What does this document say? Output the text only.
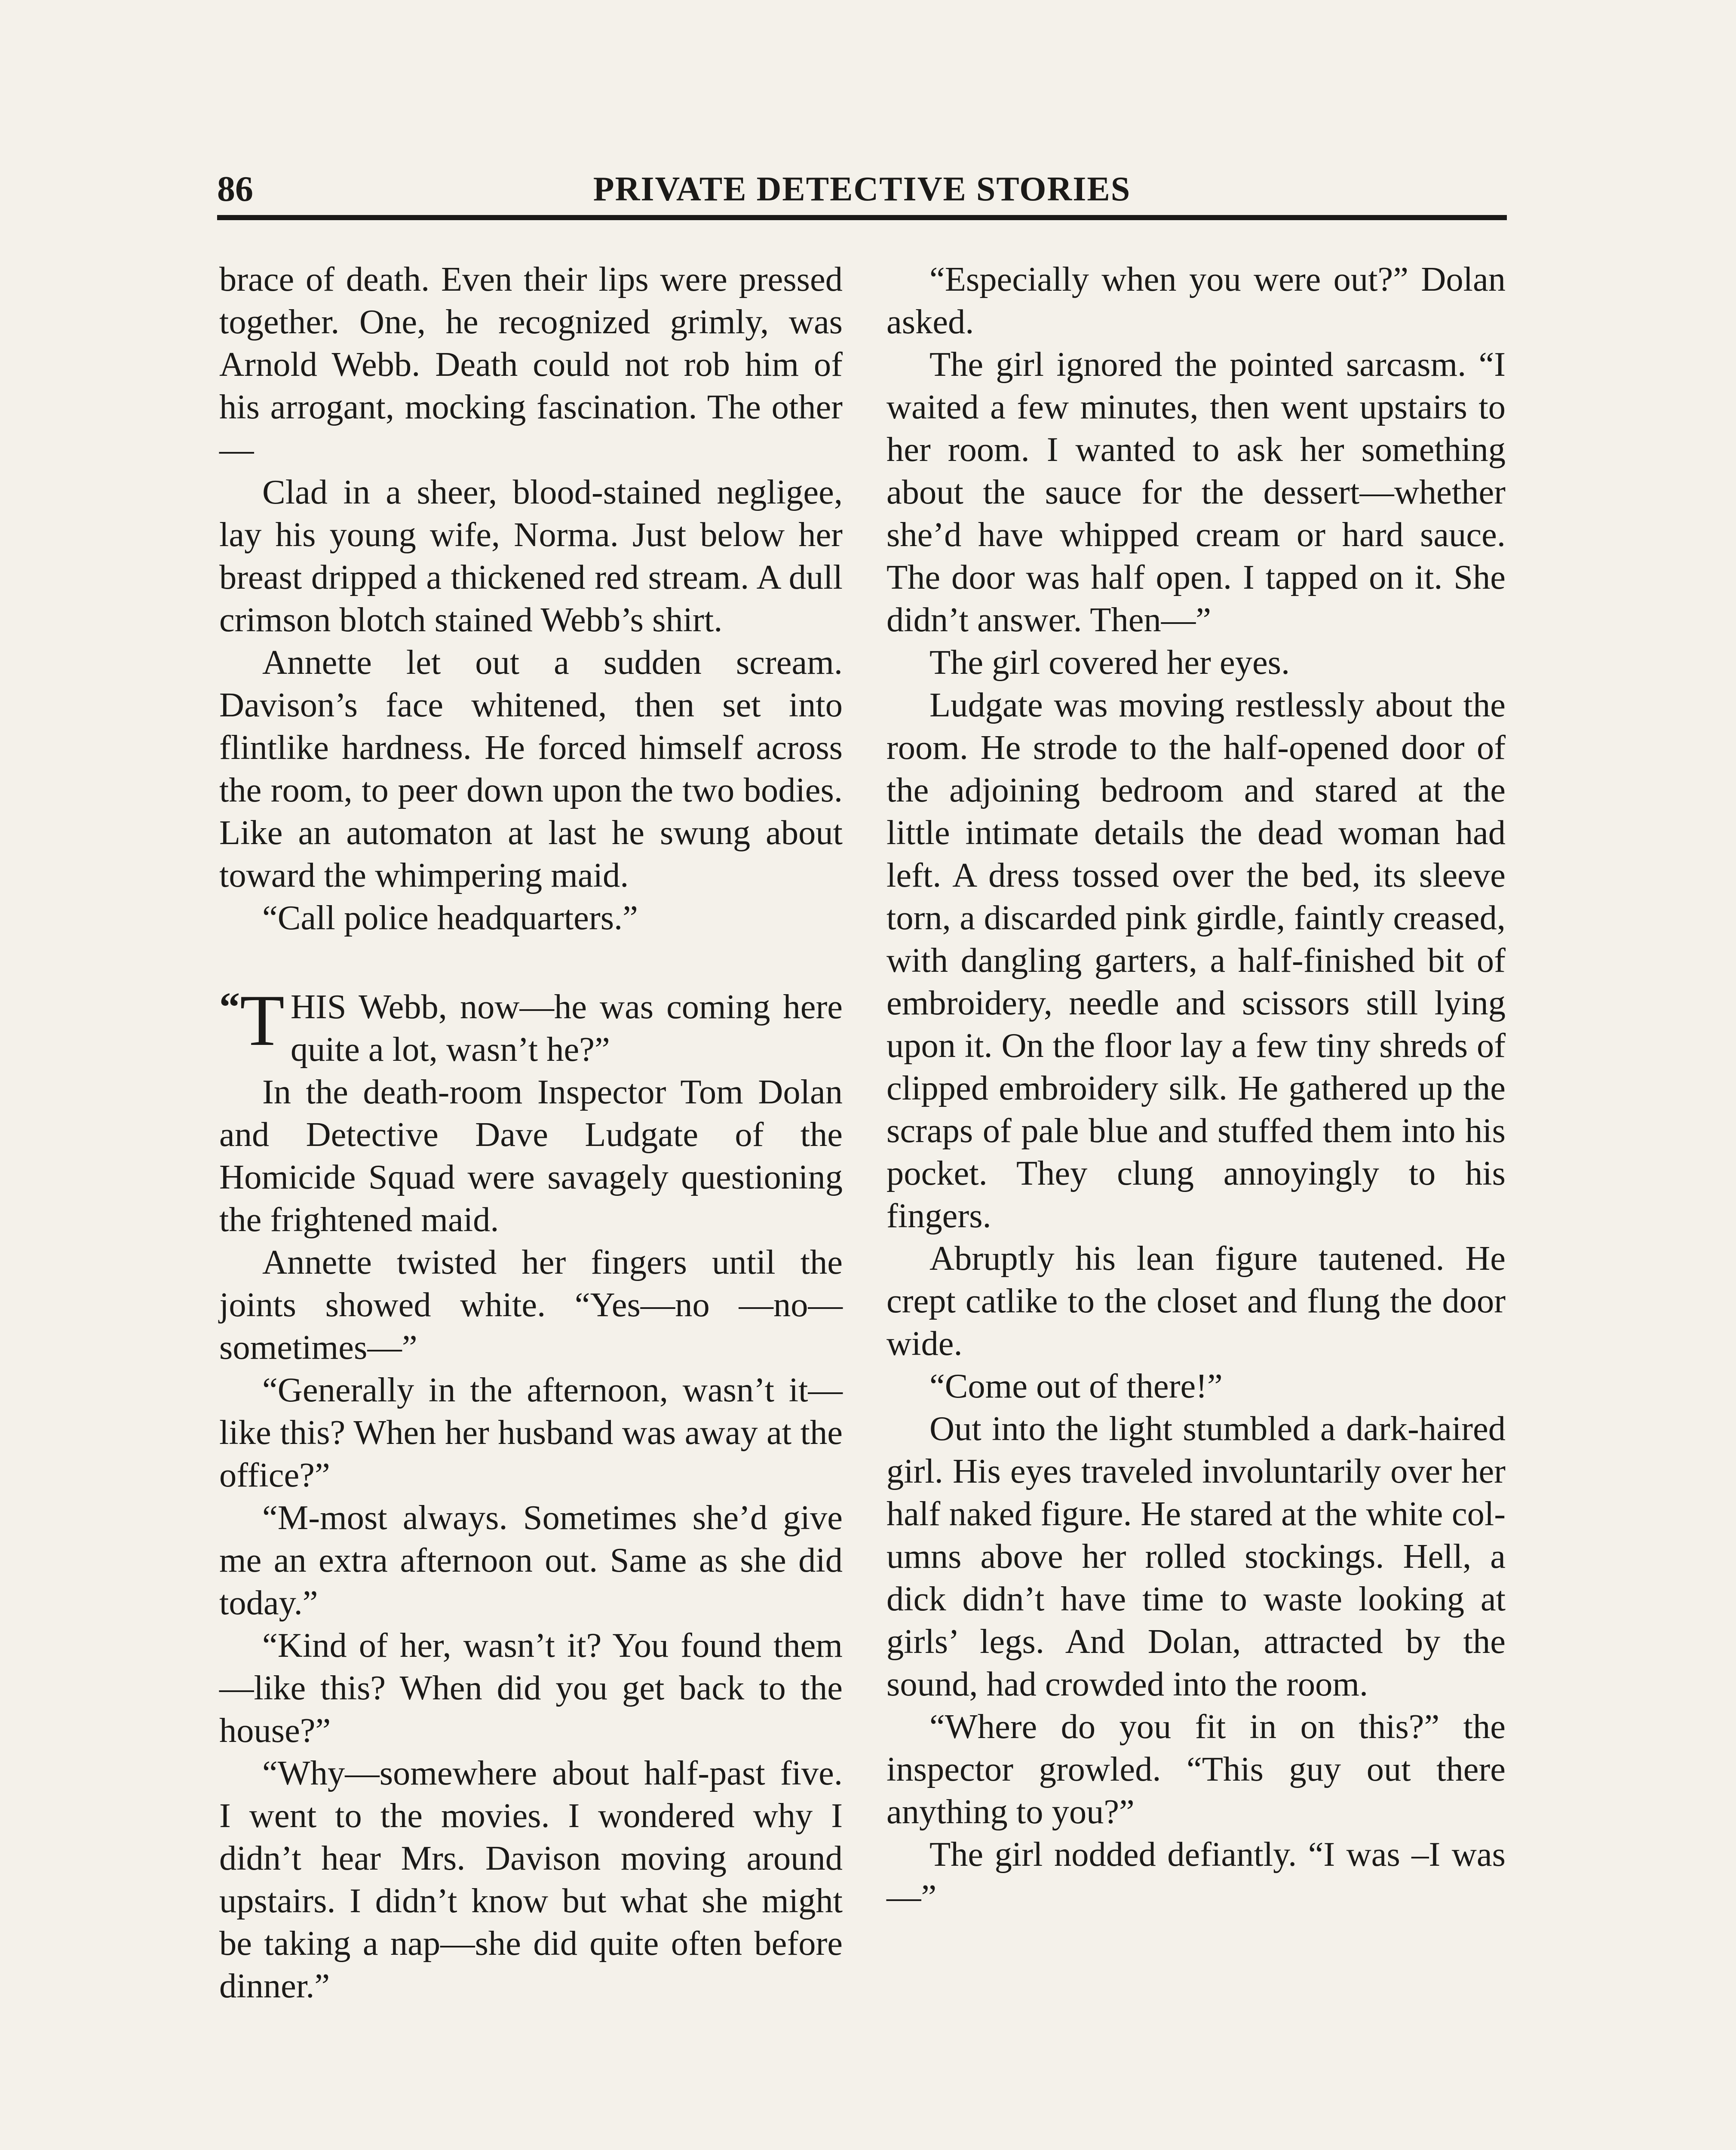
86	PRIVATE DETECTIVE STORIES

brace of death. Even their lips were pressed together. One, he recognized grimly, was Arnold Webb. Death could not rob him of his arrogant, mocking fascination. The other—

Clad in a sheer, blood-stained negligee, lay his young wife, Norma. Just below her breast dripped a thickened red stream. A dull crimson blotch stained Webb’s shirt.

Annette let out a sudden scream. Davison’s face whitened, then set into flintlike hardness. He forced himself across the room, to peer down upon the two bodies. Like an automaton at last he swung about toward the whimpering maid.

“Call police headquarters.”

“ T HIS Webb, now—he was coming here quite a lot, wasn’t he?”

In the death-room Inspector Tom Dolan and Detective Dave Ludgate of the Homicide Squad were savagely questioning the frightened maid.

Annette twisted her fingers until the joints showed white. “Yes—no —no—sometimes—”

“Generally in the afternoon, wasn’t it—like this? When her husband was away at the office?”

“M-most always. Sometimes she’d give me an extra afternoon out. Same as she did today.”

“Kind of her, wasn’t it? You found them—like this? When did you get back to the house?”

“Why—somewhere about half-past five. I went to the movies. I wondered why I didn’t hear Mrs. Davison moving around upstairs. I didn’t know but what she might be taking a nap—she did quite often before dinner.”

“Especially when you were out?” Dolan asked.

The girl ignored the pointed sarcasm. “I waited a few minutes, then went upstairs to her room. I wanted to ask her something about the sauce for the dessert—whether she’d have whipped cream or hard sauce. The door was half open. I tapped on it. She didn’t answer. Then—”

The girl covered her eyes.

Ludgate was moving restlessly about the room. He strode to the half-opened door of the adjoining bedroom and stared at the little intimate details the dead woman had left. A dress tossed over the bed, its sleeve torn, a discarded pink girdle, faintly creased, with dangling garters, a half-finished bit of embroidery, needle and scissors still lying upon it. On the floor lay a few tiny shreds of clipped embroidery silk. He gathered up the scraps of pale blue and stuffed them into his pocket. They clung annoyingly to his fingers.

Abruptly his lean figure tautened. He crept catlike to the closet and flung the door wide.

“Come out of there!”

Out into the light stumbled a dark-haired girl. His eyes traveled involuntarily over her half naked figure. He stared at the white columns above her rolled stockings. Hell, a dick didn’t have time to waste looking at girls’ legs. And Dolan, attracted by the sound, had crowded into the room.

“Where do you fit in on this?” the inspector growled. “This guy out there anything to you?”

The girl nodded defiantly. “I was –I was—”
